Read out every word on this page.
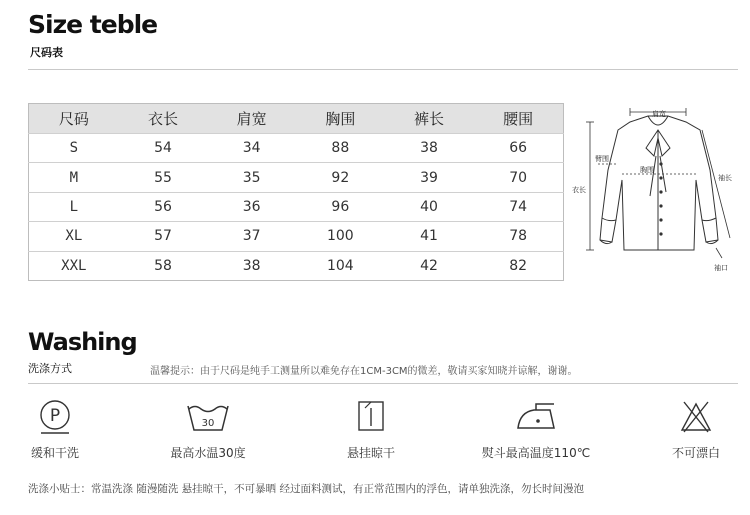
Size teble
尺码表
尺码	衣长	肩宽	胸围	裤长	腰围
S	54	34	88	38	66
M	55	35	92	39	70
L	56	36	96	40	74
XL	57	37	100	41	78
XXL	58	38	104	42	82
肩宽
臂围
胸围
衣长
袖长
袖口
Washing
洗涤方式	温馨提示：由于尺码是纯手工测量所以难免存在1CM-3CM的微差，敬请买家知晓并谅解，谢谢。
P
缓和干洗
30
最高水温30度	悬挂晾干	熨斗最高温度110℃	不可漂白
洗涤小贴士：常温洗涤 随漫随洗 悬挂晾干，不可暴晒 经过面料测试，有正常范围内的浮色，请单独洗涤，勿长时间漫泡
